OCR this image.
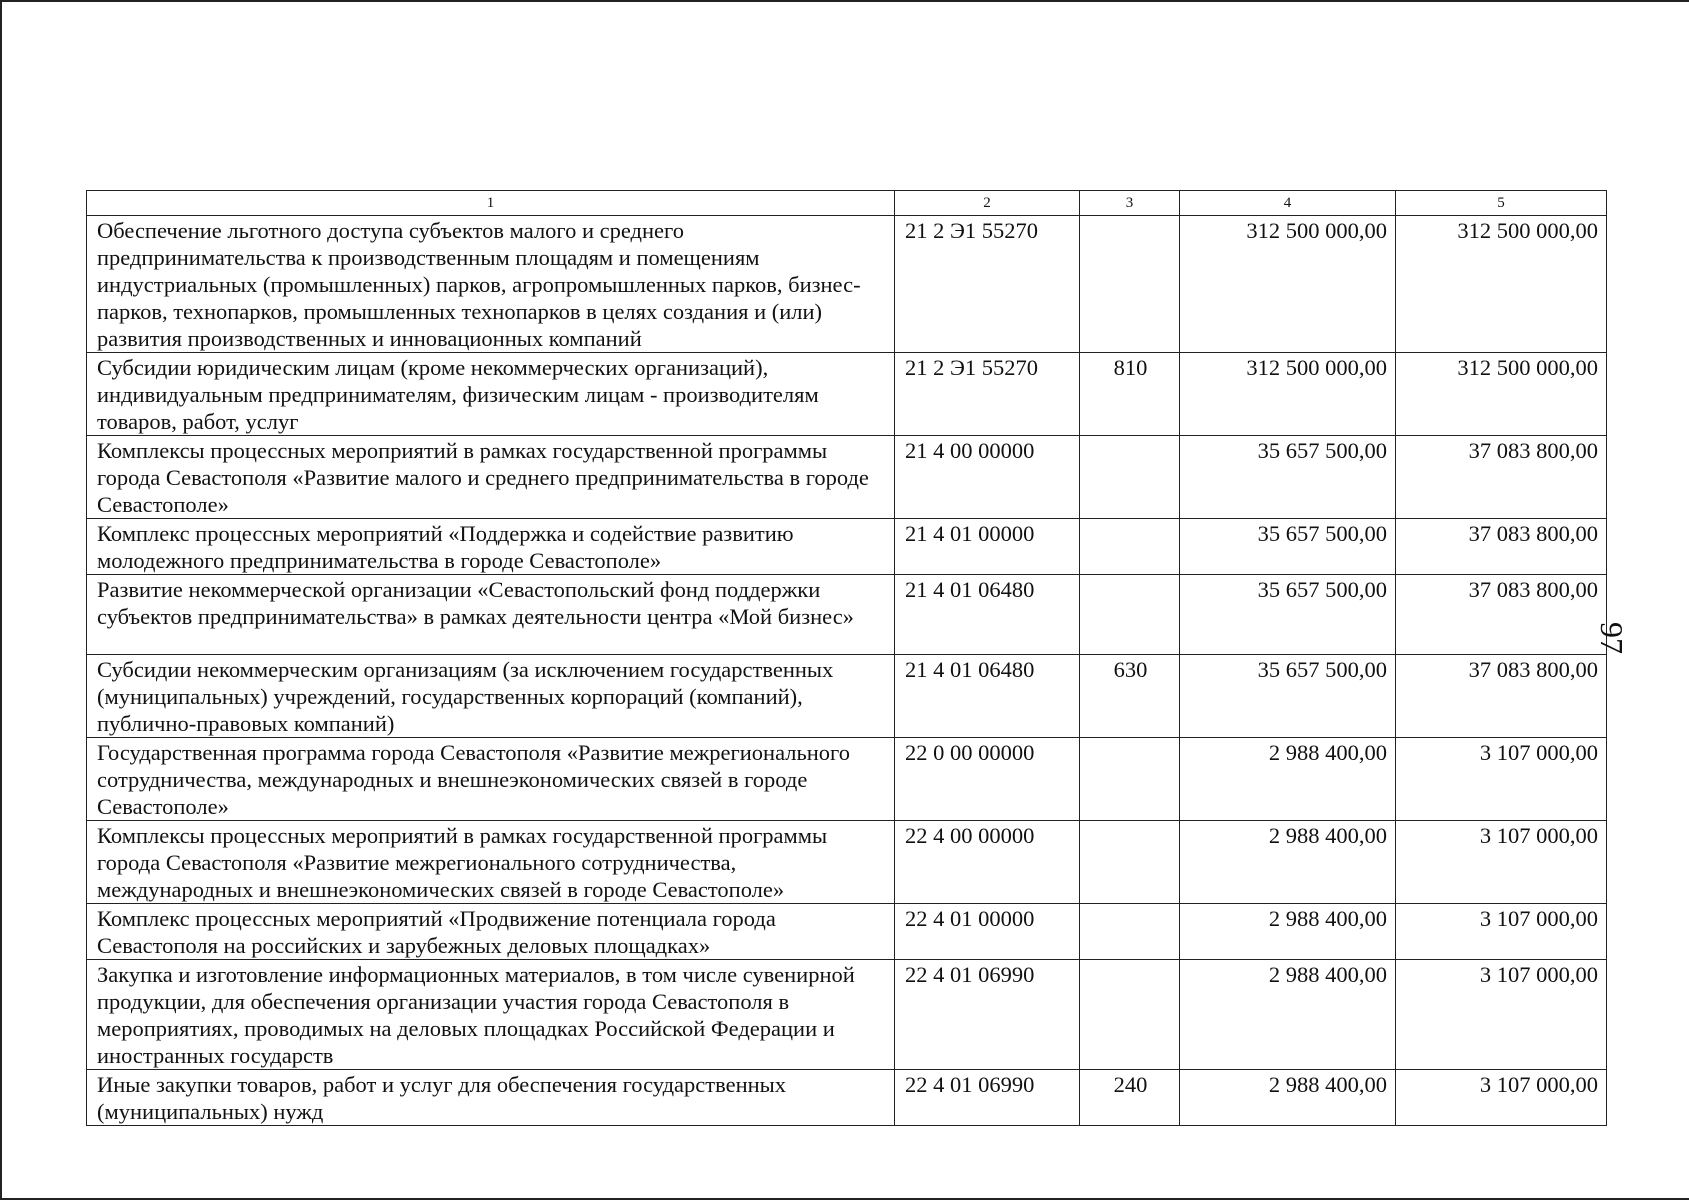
1	2	3	4	5
Обеспечение льготного доступа субъектов малого и среднего предпринимательства к производственным площадям и помещениям индустриальных (промышленных) парков, агропромышленных парков, бизнес-парков, технопарков, промышленных технопарков в целях создания и (или) развития производственных и инновационных компаний	21 2 Э1 55270		312 500 000,00	312 500 000,00
Субсидии юридическим лицам (кроме некоммерческих организаций), индивидуальным предпринимателям, физическим лицам - производителям товаров, работ, услуг	21 2 Э1 55270	810	312 500 000,00	312 500 000,00
Комплексы процессных мероприятий в рамках государственной программы города Севастополя «Развитие малого и среднего предпринимательства в городе Севастополе»	21 4 00 00000		35 657 500,00	37 083 800,00
Комплекс процессных мероприятий «Поддержка и содействие развитию молодежного предпринимательства в городе Севастополе»	21 4 01 00000		35 657 500,00	37 083 800,00
Развитие некоммерческой организации «Севастопольский фонд поддержки субъектов предпринимательства» в рамках деятельности центра «Мой бизнес»	21 4 01 06480		35 657 500,00	37 083 800,00
Субсидии некоммерческим организациям (за исключением государственных (муниципальных) учреждений, государственных корпораций (компаний), публично-правовых компаний)	21 4 01 06480	630	35 657 500,00	37 083 800,00
Государственная программа города Севастополя «Развитие межрегионального сотрудничества, международных и внешнеэкономических связей в городе Севастополе»	22 0 00 00000		2 988 400,00	3 107 000,00
Комплексы процессных мероприятий в рамках государственной программы города Севастополя «Развитие межрегионального сотрудничества, международных и внешнеэкономических связей в городе Севастополе»	22 4 00 00000		2 988 400,00	3 107 000,00
Комплекс процессных мероприятий «Продвижение потенциала города Севастополя на российских и зарубежных деловых площадках»	22 4 01 00000		2 988 400,00	3 107 000,00
Закупка и изготовление информационных материалов, в том числе сувенирной продукции, для обеспечения организации участия города Севастополя в мероприятиях, проводимых на деловых площадках Российской Федерации и иностранных государств	22 4 01 06990		2 988 400,00	3 107 000,00
Иные закупки товаров, работ и услуг для обеспечения государственных (муниципальных) нужд	22 4 01 06990	240	2 988 400,00	3 107 000,00
97
